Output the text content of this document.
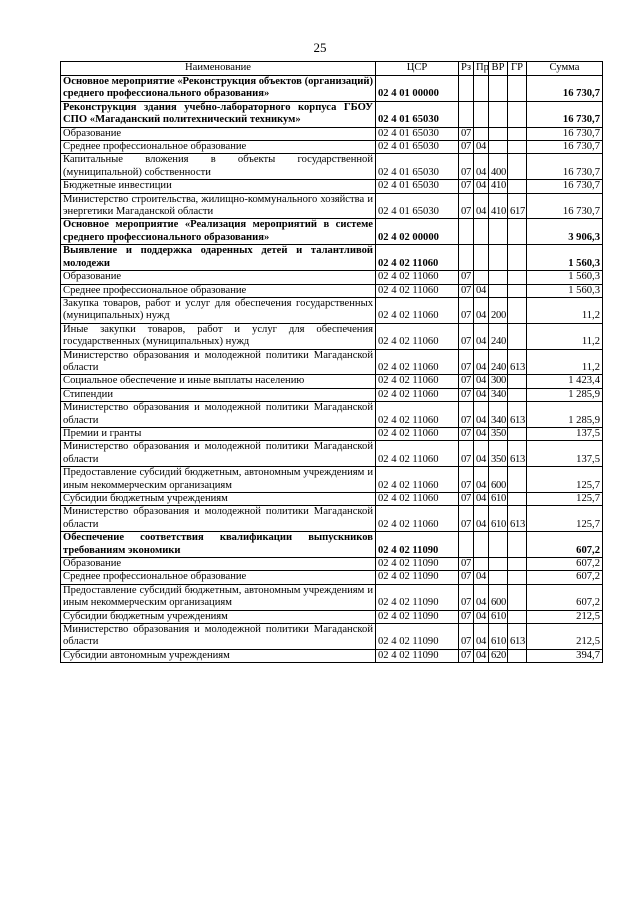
25
Наименование	ЦСР	Рз	Пр	ВР	ГР	Сумма
Основное мероприятие «Реконструкция объектов (организаций) среднего профессионального образования»	02 4 01 00000					16 730,7
Реконструкция здания учебно-лабораторного корпуса ГБОУ СПО «Магаданский политехнический техникум»	02 4 01 65030					16 730,7
Образование	02 4 01 65030	07				16 730,7
Среднее профессиональное образование	02 4 01 65030	07	04			16 730,7
Капитальные вложения в объекты государственной (муниципальной) собственности	02 4 01 65030	07	04	400		16 730,7
Бюджетные инвестиции	02 4 01 65030	07	04	410		16 730,7
Министерство строительства, жилищно-коммунального хозяйства и энергетики Магаданской области	02 4 01 65030	07	04	410	617	16 730,7
Основное мероприятие «Реализация мероприятий в системе среднего профессионального образования»	02 4 02 00000					3 906,3
Выявление и поддержка одаренных детей и талантливой молодежи	02 4 02 11060					1 560,3
Образование	02 4 02 11060	07				1 560,3
Среднее профессиональное образование	02 4 02 11060	07	04			1 560,3
Закупка товаров, работ и услуг для обеспечения государственных (муниципальных) нужд	02 4 02 11060	07	04	200		11,2
Иные закупки товаров, работ и услуг для обеспечения государственных (муниципальных) нужд	02 4 02 11060	07	04	240		11,2
Министерство образования и молодежной политики Магаданской области	02 4 02 11060	07	04	240	613	11,2
Социальное обеспечение и иные выплаты населению	02 4 02 11060	07	04	300		1 423,4
Стипендии	02 4 02 11060	07	04	340		1 285,9
Министерство образования и молодежной политики Магаданской области	02 4 02 11060	07	04	340	613	1 285,9
Премии и гранты	02 4 02 11060	07	04	350		137,5
Министерство образования и молодежной политики Магаданской области	02 4 02 11060	07	04	350	613	137,5
Предоставление субсидий бюджетным, автономным учреждениям и иным некоммерческим организациям	02 4 02 11060	07	04	600		125,7
Субсидии бюджетным учреждениям	02 4 02 11060	07	04	610		125,7
Министерство образования и молодежной политики Магаданской области	02 4 02 11060	07	04	610	613	125,7
Обеспечение соответствия квалификации выпускников требованиям экономики	02 4 02 11090					607,2
Образование	02 4 02 11090	07				607,2
Среднее профессиональное образование	02 4 02 11090	07	04			607,2
Предоставление субсидий бюджетным, автономным учреждениям и иным некоммерческим организациям	02 4 02 11090	07	04	600		607,2
Субсидии бюджетным учреждениям	02 4 02 11090	07	04	610		212,5
Министерство образования и молодежной политики Магаданской области	02 4 02 11090	07	04	610	613	212,5
Субсидии автономным учреждениям	02 4 02 11090	07	04	620		394,7
